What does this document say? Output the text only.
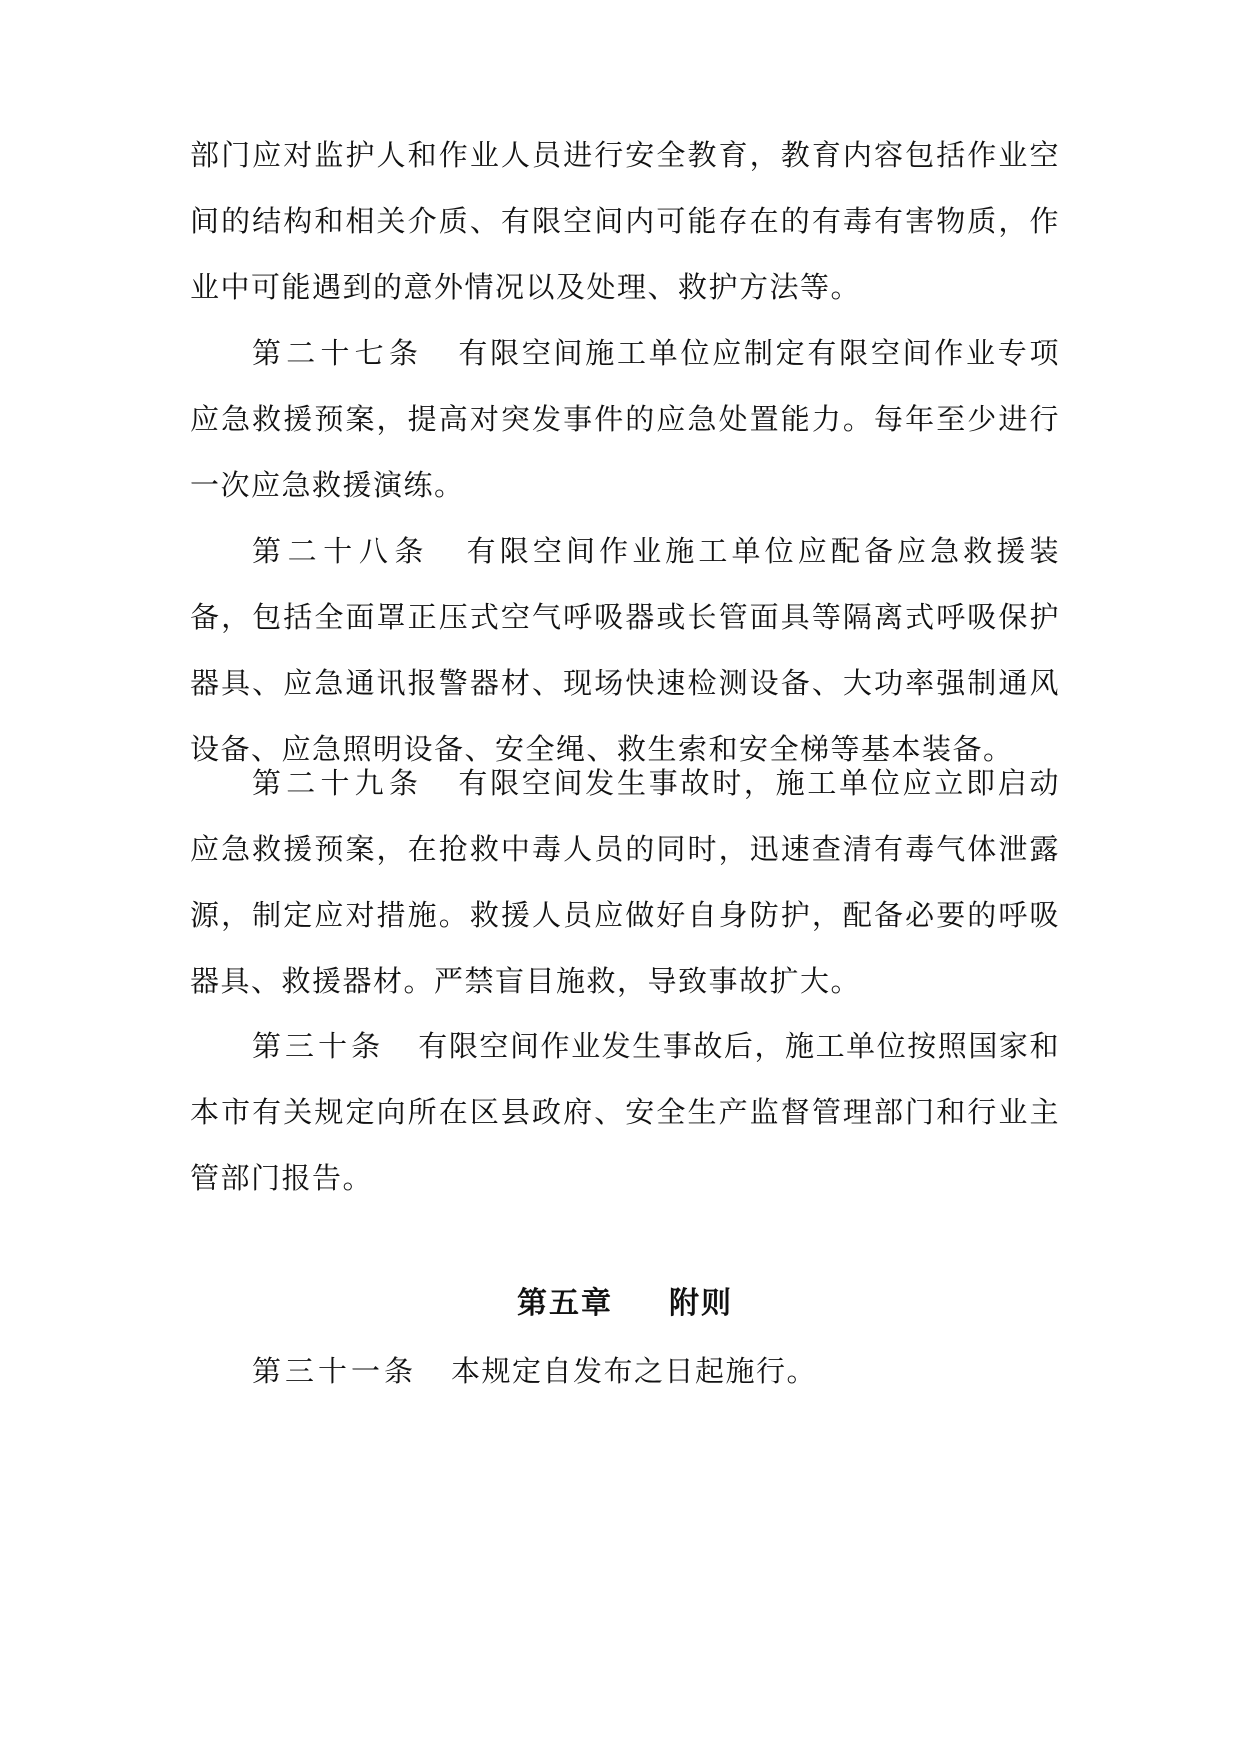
部门应对监护人和作业人员进行安全教育，教育内容包括作业空间的结构和相关介质、有限空间内可能存在的有毒有害物质，作业中可能遇到的意外情况以及处理、救护方法等。
第二十七条 有限空间施工单位应制定有限空间作业专项应急救援预案，提高对突发事件的应急处置能力。每年至少进行一次应急救援演练。
第二十八条 有限空间作业施工单位应配备应急救援装备，包括全面罩正压式空气呼吸器或长管面具等隔离式呼吸保护器具、应急通讯报警器材、现场快速检测设备、大功率强制通风设备、应急照明设备、安全绳、救生索和安全梯等基本装备。
第二十九条 有限空间发生事故时，施工单位应立即启动应急救援预案，在抢救中毒人员的同时，迅速查清有毒气体泄露源，制定应对措施。救援人员应做好自身防护，配备必要的呼吸器具、救援器材。严禁盲目施救，导致事故扩大。
第三十条 有限空间作业发生事故后，施工单位按照国家和本市有关规定向所在区县政府、安全生产监督管理部门和行业主管部门报告。
第五章 附则
第三十一条 本规定自发布之日起施行。
